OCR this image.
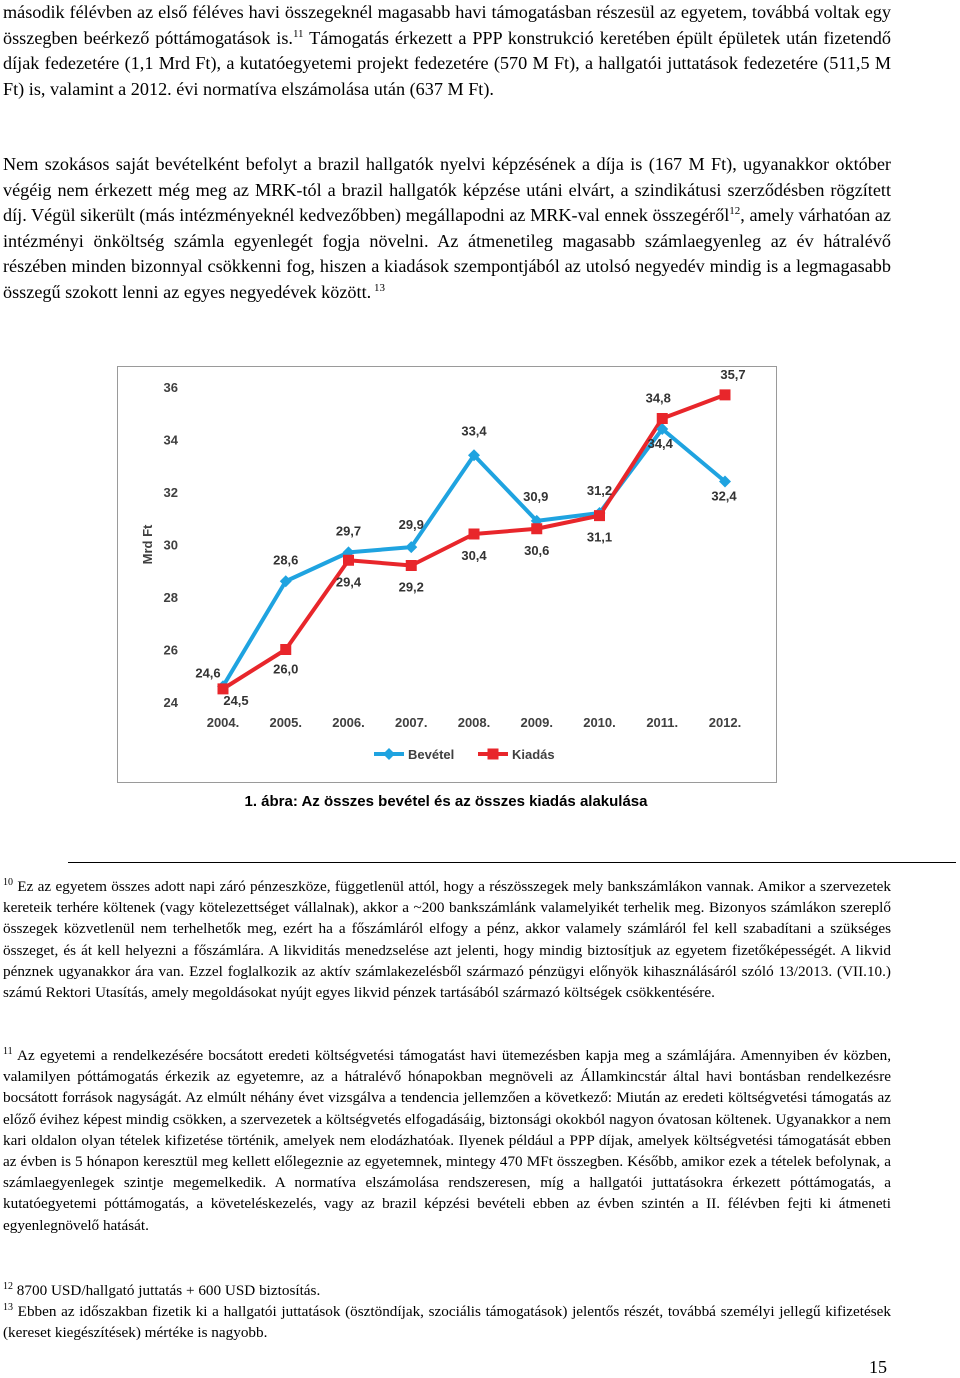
második félévben az első féléves havi összegeknél magasabb havi támogatásban részesül az egyetem, továbbá voltak egy összegben beérkező póttámogatások is.$^{11}$ Támogatás érkezett a PPP konstrukció keretében épült épületek után fizetendő díjak fedezetére (1,1 Mrd Ft), a kutatóegyetemi projekt fedezetére (570 M Ft), a hallgatói juttatások fedezetére (511,5 M Ft) is, valamint a 2012. évi normatíva elszámolása után (637 M Ft).

Nem szokásos saját bevételként befolyt a brazil hallgatók nyelvi képzésének a díja is (167 M Ft), ugyanakkor október végéig nem érkezett még meg az MRK-tól a brazil hallgatók képzése utáni elvárt, a szindikátusi szerződésben rögzített díj. Végül sikerült (más intézményeknél kedvezőbben) megállapodni az MRK-val ennek összegéről$^{12}$, amely várhatóan az intézményi önköltség számla egyenlegét fogja növelni. Az átmenetileg magasabb számlaegyenleg az év hátralévő részében minden bizonnyal csökkenni fog, hiszen a kiadások szempontjából az utolsó negyedév mindig is a legmagasabb összegű szokott lenni az egyes negyedévek között. $^{13}$

24
26
28
30
32
34
36
Mrd Ft
2004. 2005. 2006. 2007. 2008. 2009. 2010. 2011. 2012.
24,6
28,6
29,7	29,9
33,4
30,9	31,2
34,4
32,4
24,5
26,0
29,4	29,2
30,4	30,6
31,1
34,8
35,7
Bevétel	Kiadás
1. ábra: Az összes bevétel és az összes kiadás alakulása

$^{10}$ Ez az egyetem összes adott napi záró pénzeszköze, függetlenül attól, hogy a részösszegek mely bankszámlákon vannak. Amikor a szervezetek kereteik terhére költenek (vagy kötelezettséget vállalnak), akkor a ~200 bankszámlánk valamelyikét terhelik meg. Bizonyos számlákon szereplő összegek közvetlenül nem terhelhetők meg, ezért ha a főszámláról elfogy a pénz, akkor valamely számláról fel kell szabadítani a szükséges összeget, és át kell helyezni a főszámlára. A likviditás menedzselése azt jelenti, hogy mindig biztosítjuk az egyetem fizetőképességét. A likvid pénznek ugyanakkor ára van. Ezzel foglalkozik az aktív számlakezelésből származó pénzügyi előnyök kihasználásáról szóló 13/2013. (VII.10.) számú Rektori Utasítás, amely megoldásokat nyújt egyes likvid pénzek tartásából származó költségek csökkentésére.

$^{11}$ Az egyetemi a rendelkezésére bocsátott eredeti költségvetési támogatást havi ütemezésben kapja meg a számlájára. Amennyiben év közben, valamilyen póttámogatás érkezik az egyetemre, az a hátralévő hónapokban megnöveli az Államkincstár által havi bontásban rendelkezésre bocsátott források nagyságát. Az elmúlt néhány évet vizsgálva a tendencia jellemzően a következő: Miután az eredeti költségvetési támogatás az előző évihez képest mindig csökken, a szervezetek a költségvetés elfogadásáig, biztonsági okokból nagyon óvatosan költenek. Ugyanakkor a nem kari oldalon olyan tételek kifizetése történik, amelyek nem elodázhatóak. Ilyenek például a PPP díjak, amelyek költségvetési támogatását ebben az évben is 5 hónapon keresztül meg kellett előlegeznie az egyetemnek, mintegy 470 MFt összegben. Később, amikor ezek a tételek befolynak, a számlaegyenlegek szintje megemelkedik. A normatíva elszámolása rendszeresen, míg a hallgatói juttatásokra érkezett póttámogatás, a kutatóegyetemi póttámogatás, a követeléskezelés, vagy az brazil képzési bevételi ebben az évben szintén a II. félévben fejti ki átmeneti egyenlegnövelő hatását.

$^{12}$ 8700 USD/hallgató juttatás + 600 USD biztosítás.

$^{13}$ Ebben az időszakban fizetik ki a hallgatói juttatások (ösztöndíjak, szociális támogatások) jelentős részét, továbbá személyi jellegű kifizetések (kereset kiegészítések) mértéke is nagyobb.

15
